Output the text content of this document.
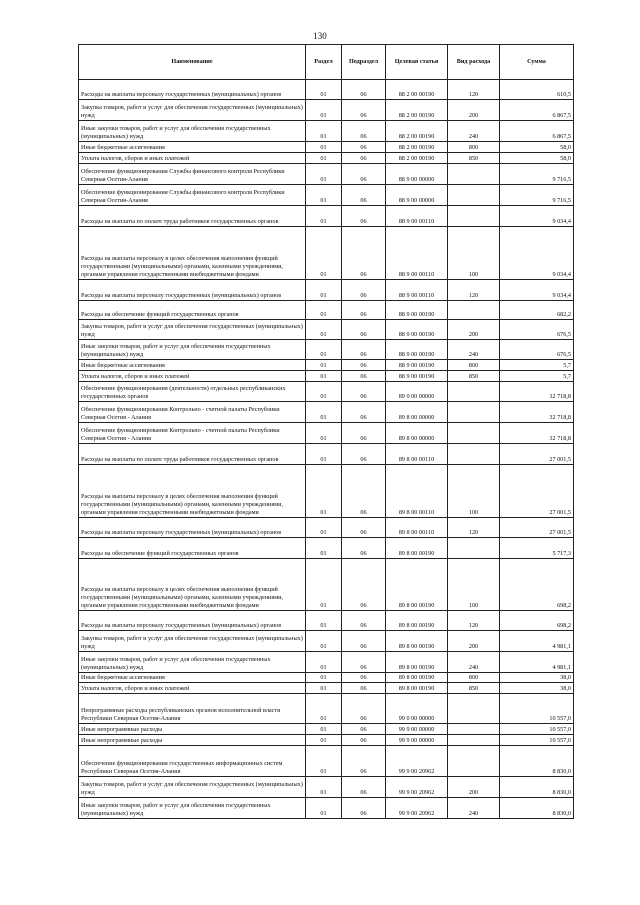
130
Наименование	Раздел	Подраздел	Целевая статья	Вид расхода	Сумма
Расходы на выплаты персоналу государственных (муниципальных) органов	01	06	88 2 00 00190	120	610,5
Закупка товаров, работ и услуг для обеспечения государственных (муниципальных) нужд	01	06	88 2 00 00190	200	6 867,5
Иные закупки товаров, работ и услуг для обеспечения государственных (муниципальных) нужд	01	06	88 2 00 00190	240	6 867,5
Иные бюджетные ассигнования	01	06	88 2 00 00190	800	58,0
Уплата налогов, сборов и иных платежей	01	06	88 2 00 00190	850	58,0
Обеспечение функционирования Службы финансового контроля Республики Северная Осетия-Алания	01	06	88 9 00 00000		9 716,5
Обеспечение функционирования Службы финансового контроля Республики Северная Осетия-Алания	01	06	88 9 00 00000		9 716,5
Расходы на выплаты по оплате труда работников государственных органов	01	06	88 9 00 00110		9 034,4
Расходы на выплаты персоналу в целях обеспечения выполнения функций государственными (муниципальными) органами, казенными учреждениями, органами управления государственными внебюджетными фондами	01	06	88 9 00 00110	100	9 034,4
Расходы на выплаты персоналу государственных (муниципальных) органов	01	06	88 9 00 00110	120	9 034,4
Расходы на обеспечение функций государственных органов	01	06	88 9 00 00190		682,2
Закупка товаров, работ и услуг для обеспечения государственных (муниципальных) нужд	01	06	88 9 00 00190	200	676,5
Иные закупки товаров, работ и услуг для обеспечения государственных (муниципальных) нужд	01	06	88 9 00 00190	240	676,5
Иные бюджетные ассигнования	01	06	88 9 00 00190	800	5,7
Уплата налогов, сборов и иных платежей	01	06	88 9 00 00190	850	5,7
Обеспечение функционирования (деятельности) отдельных республиканских государственных органов	01	06	89 0 00 00000		32 718,8
Обеспечение функционирования Контрольно - счетной палаты Республики Северная Осетия - Алания	01	06	89 8 00 00000		32 718,8
Обеспечение функционирования Контрольно - счетной палаты Республики Северная Осетия - Алания	01	06	89 8 00 00000		32 718,8
Расходы на выплаты по оплате труда работников государственных органов	01	06	89 8 00 00110		27 001,5
Расходы на выплаты персоналу в целях обеспечения выполнения функций государственными (муниципальными) органами, казенными учреждениями, органами управления государственными внебюджетными фондами	01	06	89 8 00 00110	100	27 001,5
Расходы на выплаты персоналу государственных (муниципальных) органов	01	06	89 8 00 00110	120	27 001,5
Расходы на обеспечение функций государственных органов	01	06	89 8 00 00190		5 717,3
Расходы на выплаты персоналу в целях обеспечения выполнения функций государственными (муниципальными) органами, казенными учреждениями, органами управления государственными внебюджетными фондами	01	06	89 8 00 00190	100	698,2
Расходы на выплаты персоналу государственных (муниципальных) органов	01	06	89 8 00 00190	120	698,2
Закупка товаров, работ и услуг для обеспечения государственных (муниципальных) нужд	01	06	89 8 00 00190	200	4 981,1
Иные закупки товаров, работ и услуг для обеспечения государственных (муниципальных) нужд	01	06	89 8 00 00190	240	4 981,1
Иные бюджетные ассигнования	01	06	89 8 00 00190	800	38,0
Уплата налогов, сборов и иных платежей	01	06	89 8 00 00190	850	38,0
Непрограммные расходы республиканских органов исполнительной власти Республики Северная Осетия-Алания	01	06	99 0 00 00000		10 557,0
Иные непрограммные расходы	01	06	99 9 00 00000		10 557,0
Иные непрограммные расходы	01	06	99 9 00 00000		10 557,0
Обеспечение функционирования государственных информационных систем Республики Северная Осетия-Алания	01	06	99 9 00 20962		8 830,0
Закупка товаров, работ и услуг для обеспечения государственных (муниципальных) нужд	01	06	99 9 00 20962	200	8 830,0
Иные закупки товаров, работ и услуг для обеспечения государственных (муниципальных) нужд	01	06	99 9 00 20962	240	8 830,0
